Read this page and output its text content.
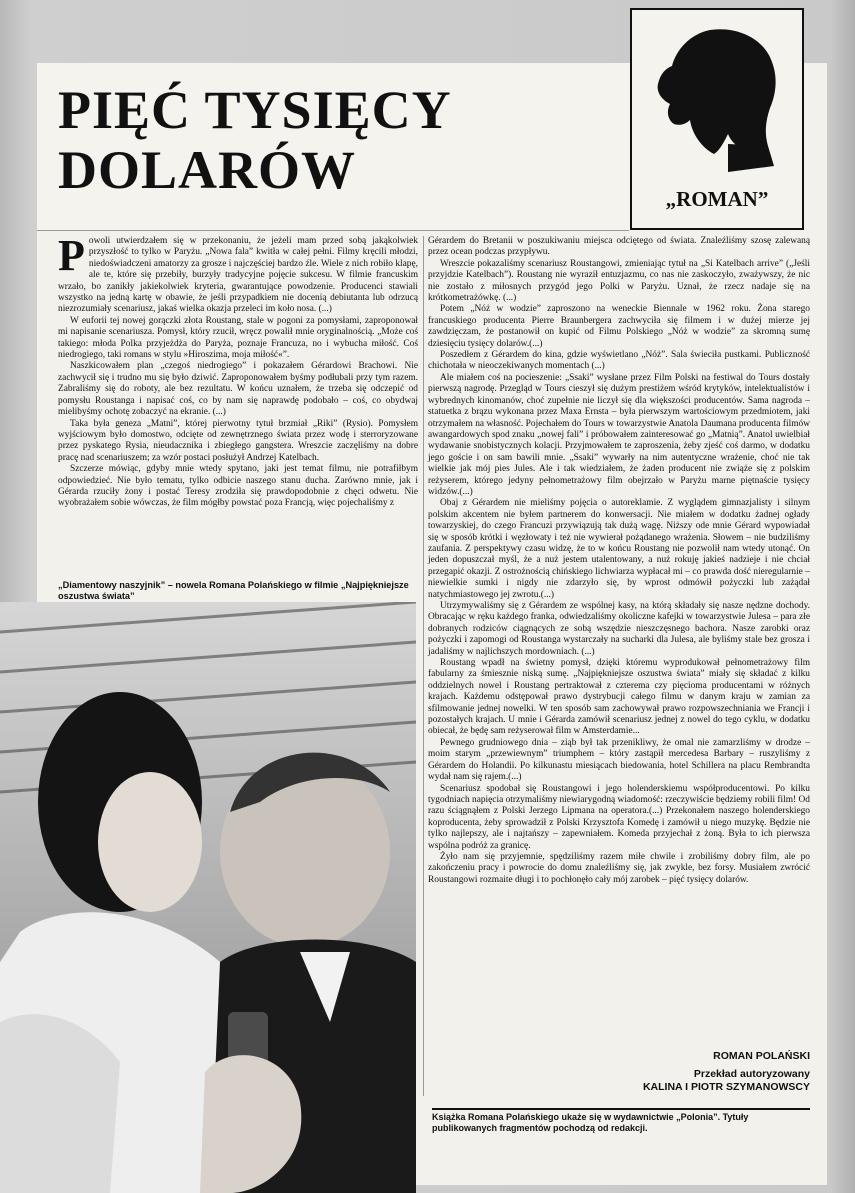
PIĘĆ TYSIĘCY DOLARÓW	„ROMAN”

Powoli utwierdzałem się w przekonaniu, że jeżeli mam przed sobą jakąkolwiek przyszłość to tylko w Paryżu. „Nowa fala” kwitła w całej pełni. Filmy kręcili młodzi, niedoświadczeni amatorzy za grosze i najczęściej bardzo źle. Wiele z nich robiło klapę, ale te, które się przebiły, burzyły tradycyjne pojęcie sukcesu. W filmie francuskim wrzało, bo zanikły jakiekolwiek kryteria, gwarantujące powodzenie. Producenci stawiali wszystko na jedną kartę w obawie, że jeśli przypadkiem nie docenią debiutanta lub odrzucą niezrozumiały scenariusz, jakaś wielka okazja przeleci im koło nosa. (...)

W euforii tej nowej gorączki złota Roustang, stale w pogoni za pomysłami, zaproponował mi napisanie scenariusza. Pomysł, który rzucił, wręcz powalił mnie oryginalnością. „Może coś takiego: młoda Polka przyjeżdża do Paryża, poznaje Francuza, no i wybucha miłość. Coś niedrogiego, taki romans w stylu »Hiroszima, moja miłość«”.

Naszkicowałem plan „czegoś niedrogiego” i pokazałem Gérardowi Brachowi. Nie zachwycił się i trudno mu się było dziwić. Zaproponowałem byśmy podłubali przy tym razem. Zabraliśmy się do roboty, ale bez rezultatu. W końcu uznałem, że trzeba się odczepić od pomysłu Roustanga i napisać coś, co by nam się naprawdę podobało – coś, co obydwaj mielibyśmy ochotę zobaczyć na ekranie. (...)

Taka była geneza „Matni”, której pierwotny tytuł brzmiał „Riki” (Rysio). Pomysłem wyjściowym było domostwo, odcięte od zewnętrznego świata przez wodę i sterroryzowane przez pyskatego Rysia, nieudacznika i zbiegłego gangstera. Wreszcie zaczęliśmy na dobre pracę nad scenariuszem; za wzór postaci posłużył Andrzej Katelbach.

Szczerze mówiąc, gdyby mnie wtedy spytano, jaki jest temat filmu, nie potrafiłbym odpowiedzieć. Nie było tematu, tylko odbicie naszego stanu ducha. Zarówno mnie, jak i Gérarda rzuciły żony i postać Teresy zrodziła się prawdopodobnie z chęci odwetu. Nie wyobrażałem sobie wówczas, że film mógłby powstać poza Francją, więc pojechaliśmy z

„Diamentowy naszyjnik” – nowela Romana Polańskiego w filmie „Najpiękniejsze oszustwa świata”

Gérardem do Bretanii w poszukiwaniu miejsca odciętego od świata. Znaleźliśmy szosę zalewaną przez ocean podczas przypływu.

Wreszcie pokazaliśmy scenariusz Roustangowi, zmieniając tytuł na „Si Katelbach arrive” („Jeśli przyjdzie Katelbach”). Roustang nie wyraził entuzjazmu, co nas nie zaskoczyło, zważywszy, że nic nie zostało z miłosnych przygód jego Polki w Paryżu. Uznał, że rzecz nadaje się na krótkometrażówkę. (...)

Potem „Nóż w wodzie” zaproszono na weneckie Biennale w 1962 roku. Żona starego francuskiego producenta Pierre Braunbergera zachwyciła się filmem i w dużej mierze jej zawdzięczam, że postanowił on kupić od Filmu Polskiego „Nóż w wodzie” za skromną sumę dziesięciu tysięcy dolarów.(...)

Poszedłem z Gérardem do kina, gdzie wyświetlano „Nóż”. Sala świeciła pustkami. Publiczność chichotała w nieoczekiwanych momentach (...)

Ale miałem coś na pocieszenie: „Ssaki” wysłane przez Film Polski na festiwal do Tours dostały pierwszą nagrodę. Przegląd w Tours cieszył się dużym prestiżem wśród krytyków, intelektualistów i wybrednych kinomanów, choć zupełnie nie liczył się dla większości producentów. Sama nagroda – statuetka z brązu wykonana przez Maxa Ernsta – była pierwszym wartościowym przedmiotem, jaki otrzymałem na własność. Pojechałem do Tours w towarzystwie Anatola Daumana producenta filmów awangardowych spod znaku „nowej fali” i próbowałem zainteresować go „Matnią”. Anatol uwielbiał wydawanie snobistycznych kolacji. Przyjmowałem te zaproszenia, żeby zjeść coś darmo, w dodatku jego goście i on sam bawili mnie. „Ssaki” wywarły na nim autentyczne wrażenie, choć nie tak wielkie jak mój pies Jules. Ale i tak wiedziałem, że żaden producent nie zwiąże się z polskim reżyserem, którego jedyny pełnometrażowy film obejrzało w Paryżu marne piętnaście tysięcy widzów.(...)

Obaj z Gérardem nie mieliśmy pojęcia o autoreklamie. Z wyglądem gimnazjalisty i silnym polskim akcentem nie byłem partnerem do konwersacji. Nie miałem w dodatku żadnej ogłady towarzyskiej, do czego Francuzi przywiązują tak dużą wagę. Niższy ode mnie Gérard wypowiadał się w sposób krótki i węzłowaty i też nie wywierał pożądanego wrażenia. Słowem – nie budziliśmy zaufania. Z perspektywy czasu widzę, że to w końcu Roustang nie pozwolił nam wtedy utonąć. On jeden dopuszczał myśl, że a nuż jestem utalentowany, a nuż rokuję jakieś nadzieje i nie chciał przegapić okazji. Z ostrożnością chińskiego lichwiarza wypłacał mi – co prawda dość nieregularnie – niewielkie sumki i nigdy nie zdarzyło się, by wprost odmówił pożyczki lub zażądał natychmiastowego jej zwrotu.(...)

Utrzymywaliśmy się z Gérardem ze wspólnej kasy, na którą składały się nasze nędzne dochody. Obracając w ręku każdego franka, odwiedzaliśmy okoliczne kafejki w towarzystwie Julesa – para złe dobranych rodziców ciągnących ze sobą wszędzie nieszczęsnego bachora. Nasze zarobki oraz pożyczki i zapomogi od Roustanga wystarczały na sucharki dla Julesa, ale byliśmy stale bez grosza i jadaliśmy w najlichszych mordowniach. (...)

Roustang wpadł na świetny pomysł, dzięki któremu wyprodukował pełnometrażowy film fabularny za śmiesznie niską sumę. „Najpiękniejsze oszustwa świata” miały się składać z kilku oddzielnych nowel i Roustang pertraktował z czterema czy pięcioma producentami w różnych krajach. Każdemu odstępował prawo dystrybucji całego filmu w danym kraju w zamian za sfilmowanie jednej nowelki. W ten sposób sam zachowywał prawo rozpowszechniania we Francji i pozostałych krajach. U mnie i Gérarda zamówił scenariusz jednej z nowel do tego cyklu, w dodatku obiecał, że będę sam reżyserował film w Amsterdamie...

Pewnego grudniowego dnia – ziąb był tak przenikliwy, że omal nie zamarzliśmy w drodze – moim starym „przewiewnym” triumphem – który zastąpił mercedesa Barbary – ruszyliśmy z Gérardem do Holandii. Po kilkunastu miesiącach biedowania, hotel Schillera na placu Rembrandta wydał nam się rajem.(...)

Scenariusz spodobał się Roustangowi i jego holenderskiemu współproducentowi. Po kilku tygodniach napięcia otrzymaliśmy niewiarygodną wiadomość: rzeczywiście będziemy robili film! Od razu ściągnąłem z Polski Jerzego Lipmana na operatora.(...) Przekonałem naszego holenderskiego koproducenta, żeby sprowadził z Polski Krzysztofa Komedę i zamówił u niego muzykę. Będzie nie tylko najlepszy, ale i najtańszy – zapewniałem. Komeda przyjechał z żoną. Była to ich pierwsza wspólna podróż za granicę.

Żyło nam się przyjemnie, spędziliśmy razem miłe chwile i zrobiliśmy dobry film, ale po zakończeniu pracy i powrocie do domu znaleźliśmy się, jak zwykle, bez forsy. Musiałem zwrócić Roustangowi rozmaite długi i to pochłonęło cały mój zarobek – pięć tysięcy dolarów.

ROMAN POLAŃSKI
Przekład autoryzowany
KALINA I PIOTR SZYMANOWSCY
Książka Romana Polańskiego ukaże się w wydawnictwie „Polonia”. Tytuły publikowanych fragmentów pochodzą od redakcji.
